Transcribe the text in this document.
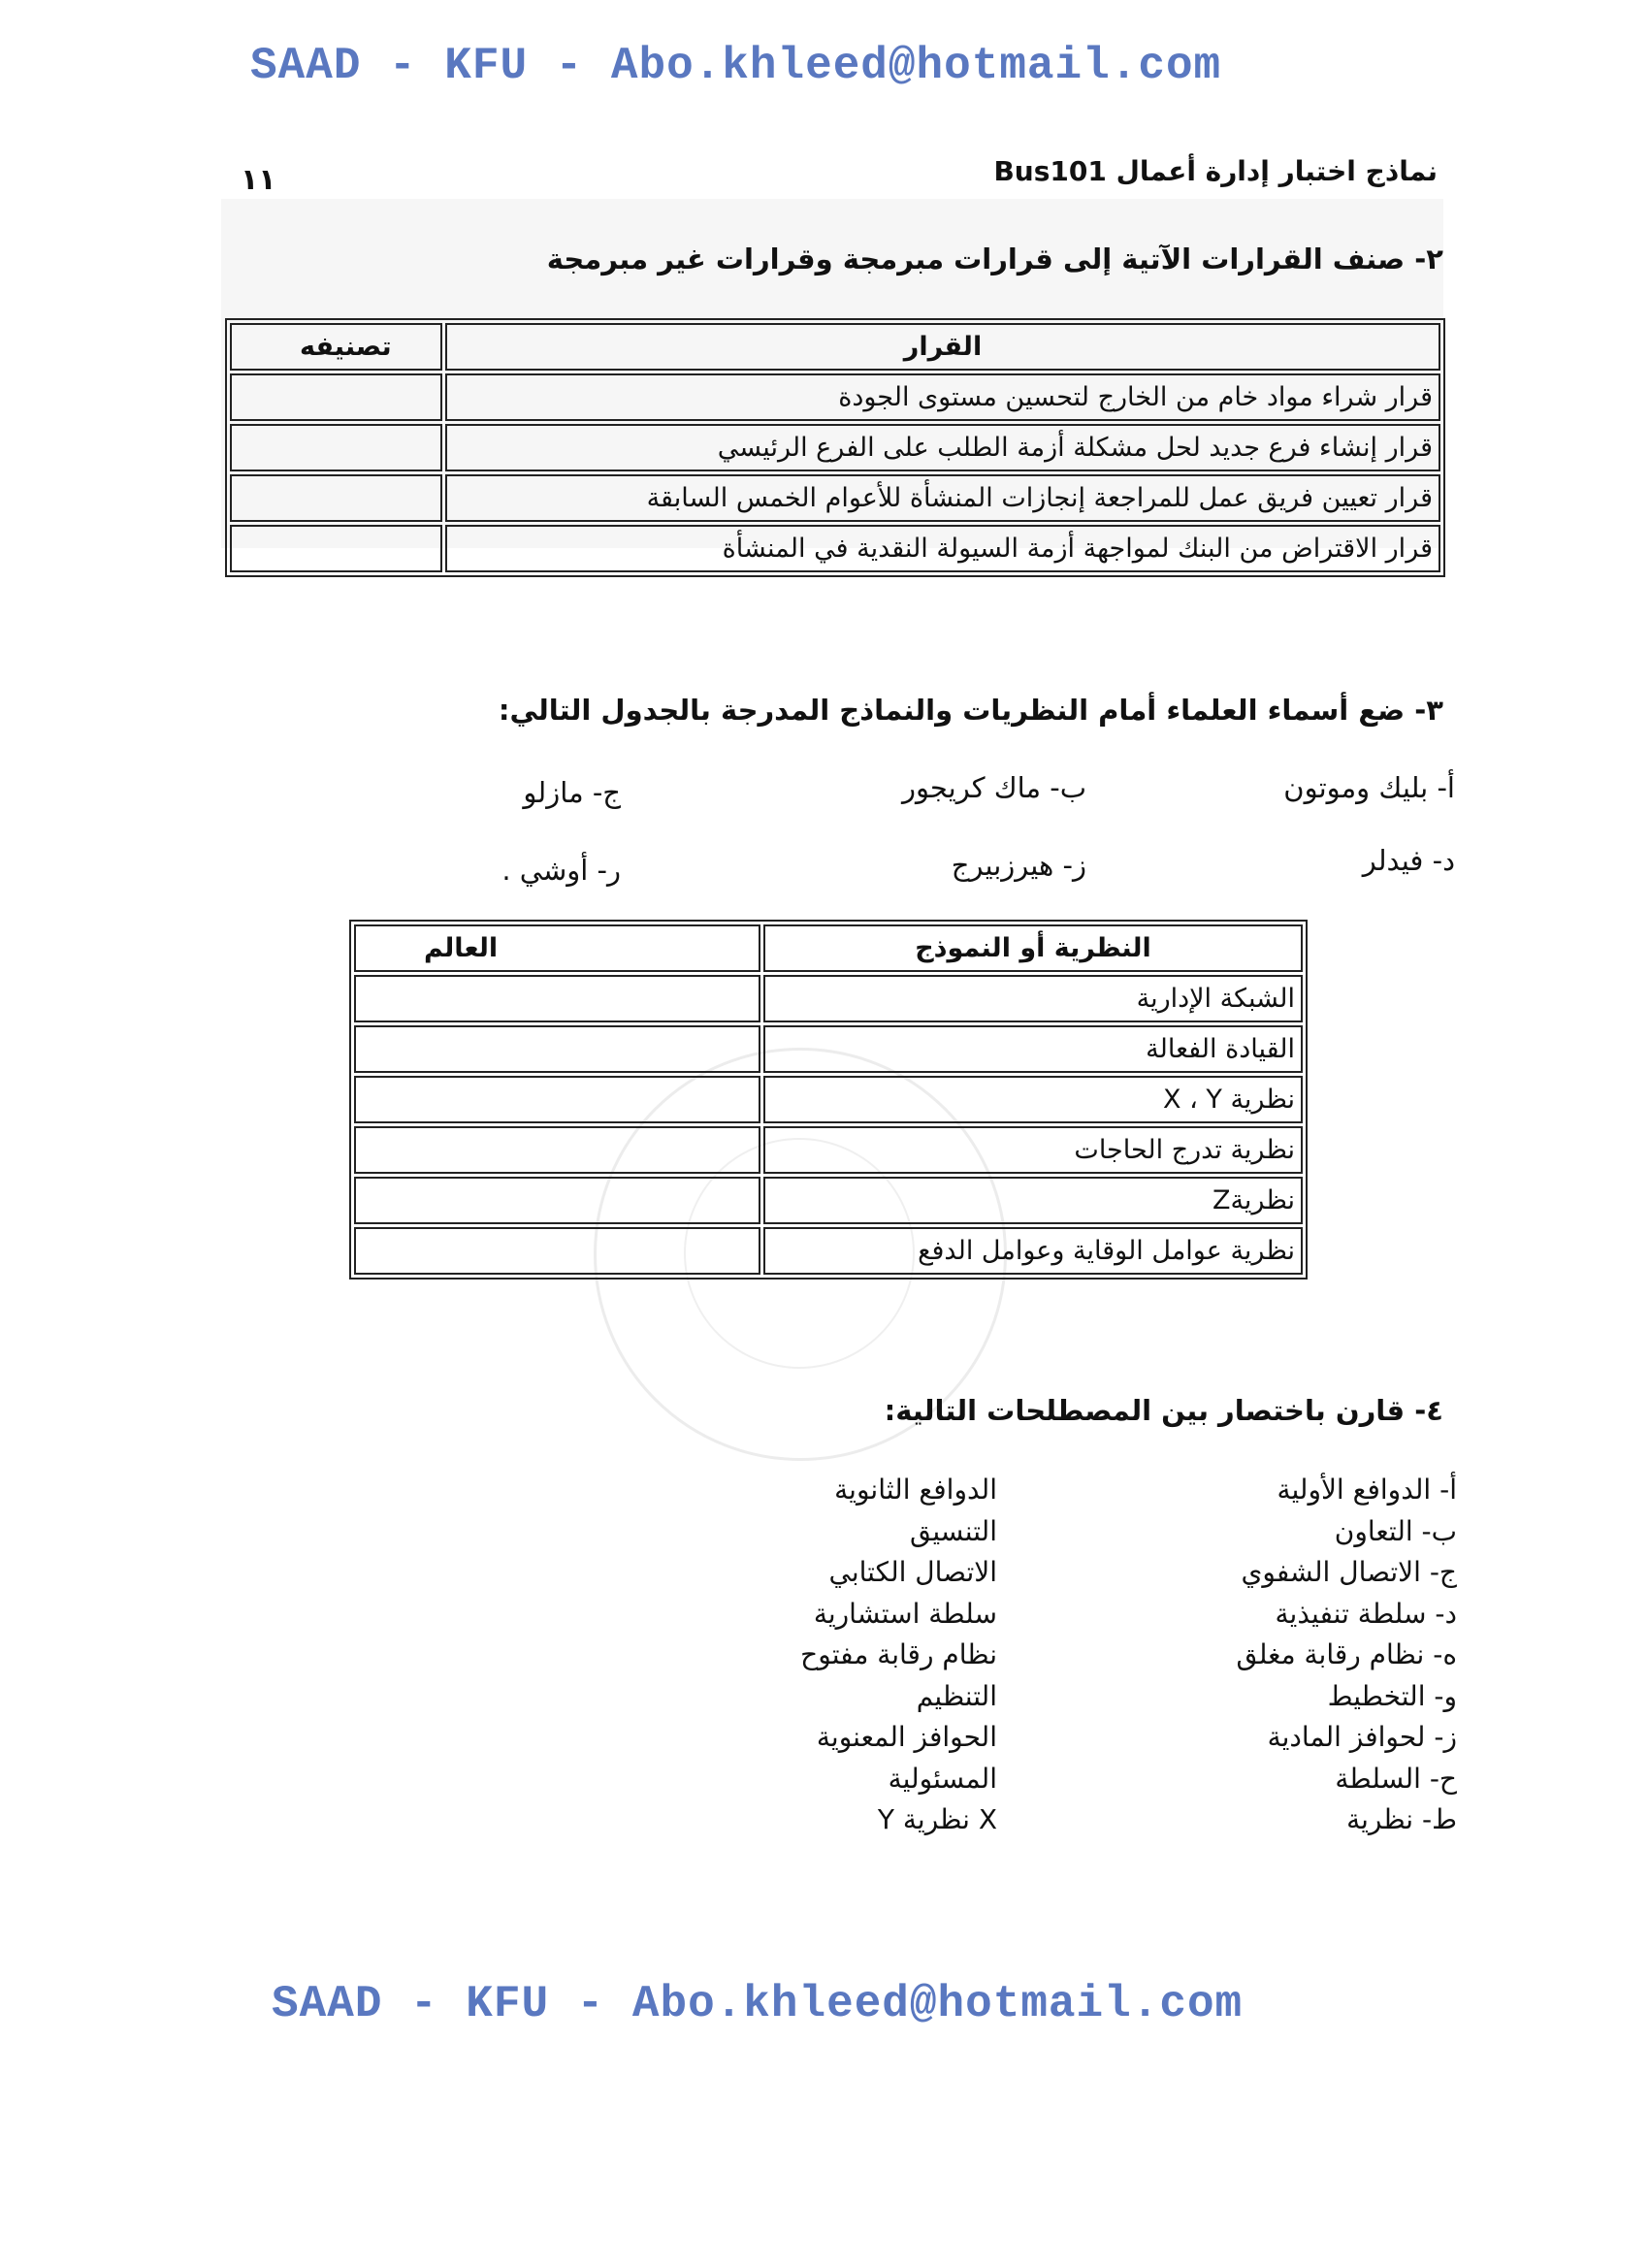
SAAD - KFU - Abo.khleed@hotmail.com
١١	نماذج اختبار إدارة أعمال Bus101
٢- صنف القرارات الآتية إلى قرارات مبرمجة وقرارات غير مبرمجة
القرار	تصنيفه
قرار شراء مواد خام من الخارج لتحسين مستوى الجودة	
قرار إنشاء فرع جديد لحل مشكلة أزمة الطلب على الفرع الرئيسي	
قرار تعيين فريق عمل للمراجعة إنجازات المنشأة للأعوام الخمس السابقة	
قرار الاقتراض من البنك لمواجهة أزمة السيولة النقدية في المنشأة	
٣- ضع أسماء العلماء أمام النظريات والنماذج المدرجة بالجدول التالي:
أ- بليك وموتون
ب- ماك كريجور
ج- مازلو
د- فيدلر
ز- هيرزبيرج
ر- أوشي .
النظرية أو النموذج	العالم
الشبكة الإدارية	
القيادة الفعالة	
نظرية X ، Y	
نظرية تدرج الحاجات	
نظريةZ	
نظرية عوامل الوقاية وعوامل الدفع	
٤- قارن باختصار بين المصطلحات التالية:
أ- الدوافع الأولية
ب- التعاون
ج- الاتصال الشفوي
د- سلطة تنفيذية
ه- نظام رقابة مغلق
و- التخطيط
ز- لحوافز المادية
ح- السلطة
ط- نظرية
الدوافع الثانوية
التنسيق
الاتصال الكتابي
سلطة استشارية
نظام رقابة مفتوح
التنظيم
الحوافز المعنوية
المسئولية
X نظرية Y
SAAD - KFU - Abo.khleed@hotmail.com
